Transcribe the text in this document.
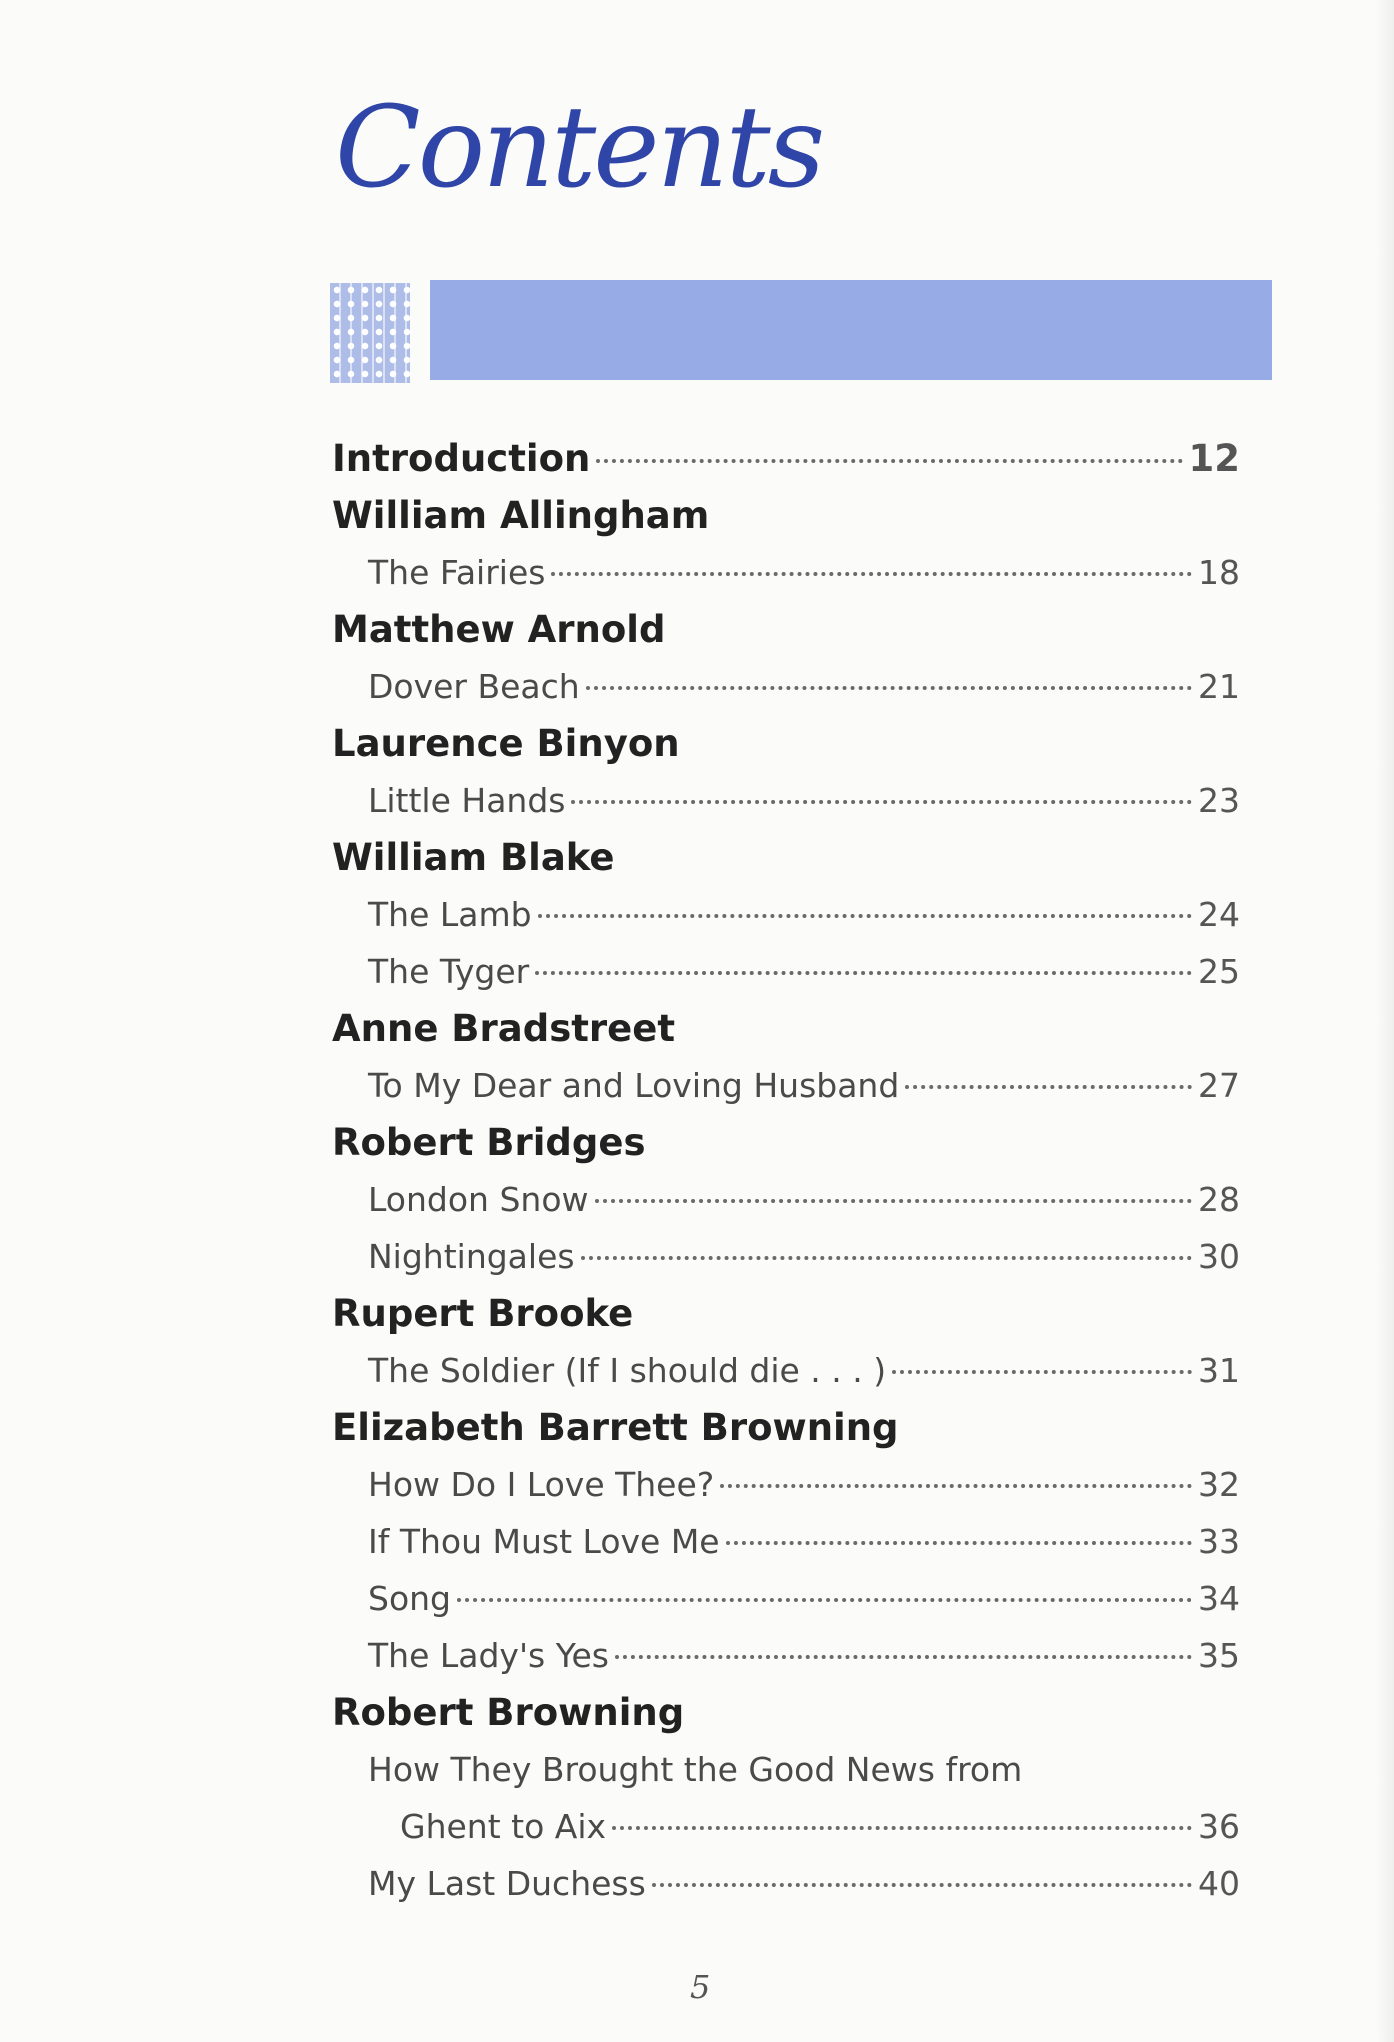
Contents
Introduction	12
William Allingham
The Fairies	18
Matthew Arnold
Dover Beach	21
Laurence Binyon
Little Hands	23
William Blake
The Lamb	24
The Tyger	25
Anne Bradstreet
To My Dear and Loving Husband	27
Robert Bridges
London Snow	28
Nightingales	30
Rupert Brooke
The Soldier (If I should die . . . )	31
Elizabeth Barrett Browning
How Do I Love Thee?	32
If Thou Must Love Me	33
Song	34
The Lady's Yes	35
Robert Browning
How They Brought the Good News from
Ghent to Aix	36
My Last Duchess	40
5
